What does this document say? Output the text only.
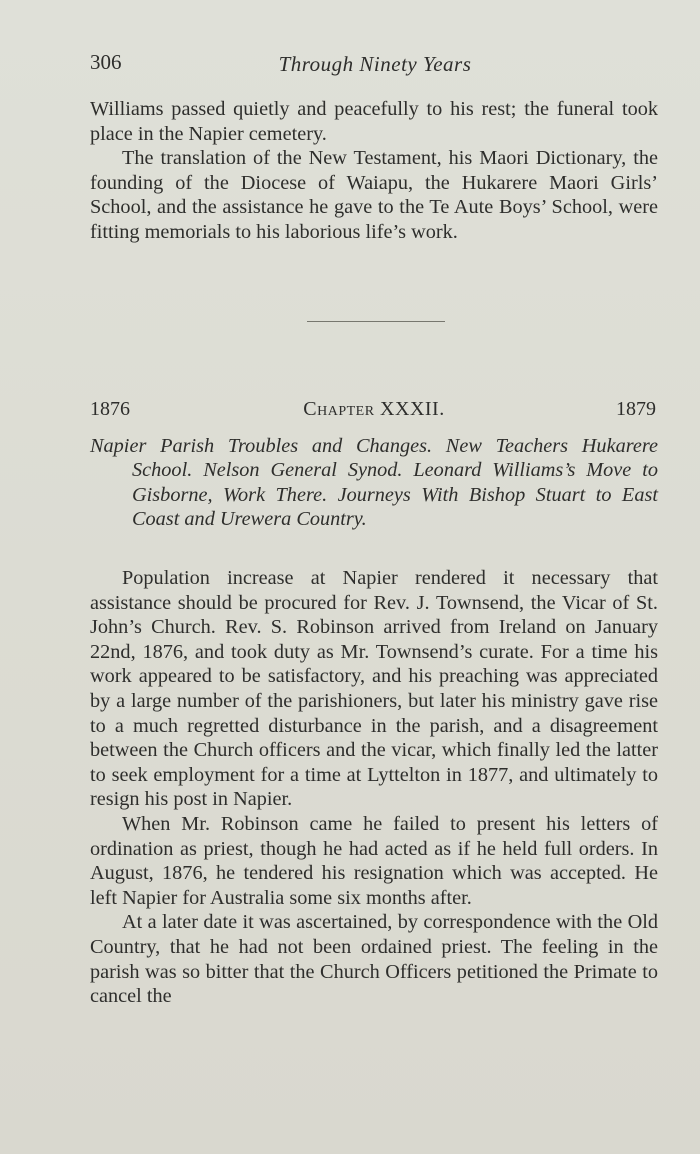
306	Through Ninety Years

Williams passed quietly and peacefully to his rest; the funeral took place in the Napier cemetery.

The translation of the New Testament, his Maori Dictionary, the founding of the Diocese of Waiapu, the Hukarere Maori Girls’ School, and the assistance he gave to the Te Aute Boys’ School, were fitting memorials to his laborious life’s work.

1876	Chapter XXXII.	1879

Napier Parish Troubles and Changes. New Teachers Hukarere School. Nelson General Synod. Leonard Williams’s Move to Gisborne, Work There. Journeys With Bishop Stuart to East Coast and Urewera Country.

Population increase at Napier rendered it necessary that assistance should be procured for Rev. J. Townsend, the Vicar of St. John’s Church. Rev. S. Robinson arrived from Ireland on January 22nd, 1876, and took duty as Mr. Townsend’s curate. For a time his work appeared to be satisfactory, and his preaching was appreciated by a large number of the parishioners, but later his ministry gave rise to a much regretted disturbance in the parish, and a disagreement between the Church officers and the vicar, which finally led the latter to seek employment for a time at Lyttelton in 1877, and ultimately to resign his post in Napier.

When Mr. Robinson came he failed to present his letters of ordination as priest, though he had acted as if he held full orders. In August, 1876, he tendered his resignation which was accepted. He left Napier for Australia some six months after.

At a later date it was ascertained, by correspondence with the Old Country, that he had not been ordained priest. The feeling in the parish was so bitter that the Church Officers petitioned the Primate to cancel the
